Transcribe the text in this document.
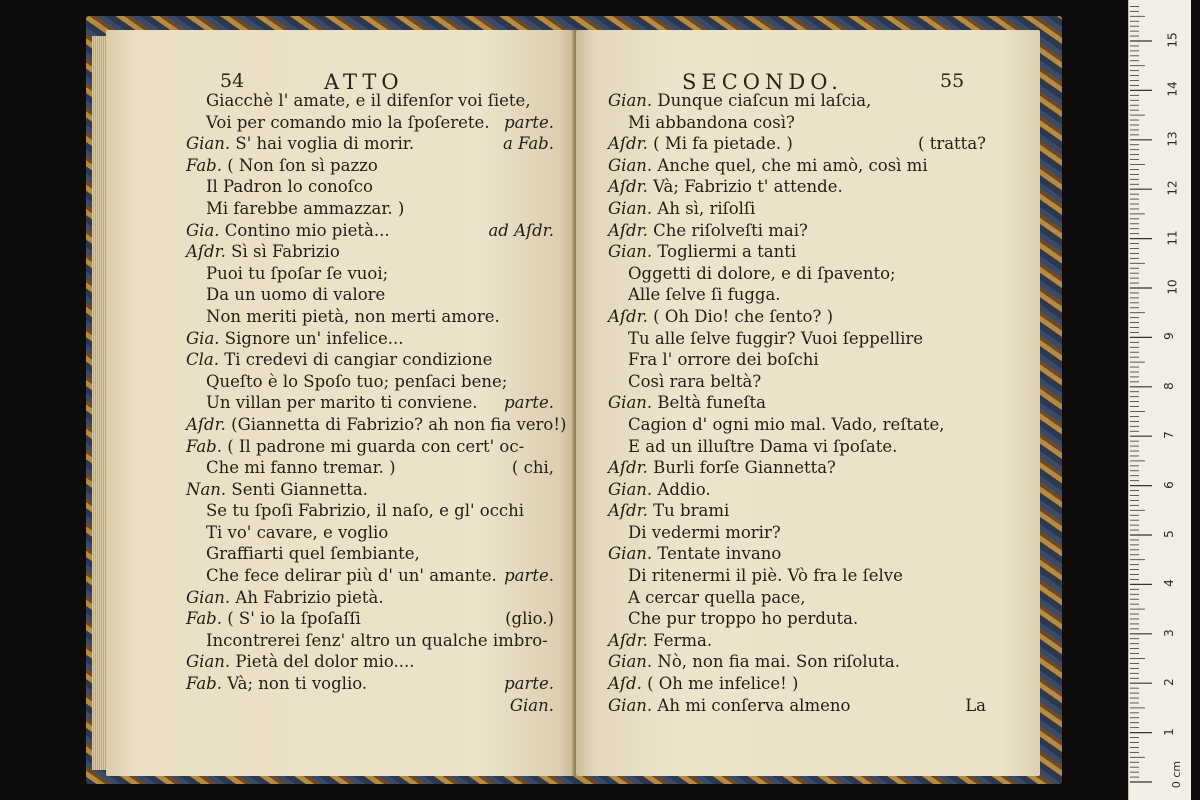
54	ATTO
Giacchè l' amate, e il difenſor voi ſiete,
Voi per comando mio la ſpoſerete. parte.
Gian. S' hai voglia di morir.	a Fab.
Fab. ( Non ſon sì pazzo
Il Padron lo conoſco
Mi farebbe ammazzar. )
Gia. Contino mio pietà...	ad Aſdr.
Aſdr. Sì sì Fabrizio
Puoi tu ſpoſar ſe vuoi;
Da un uomo di valore
Non meriti pietà, non merti amore.
Gia. Signore un' infelice...
Cla. Ti credevi di cangiar condizione
Queſto è lo Spoſo tuo; penſaci bene;
Un villan per marito ti conviene. parte.
Aſdr. (Giannetta di Fabrizio? ah non fia vero!)
Fab. ( Il padrone mi guarda con cert' oc-
Che mi fanno tremar. )	( chi,
Nan. Senti Giannetta.
Se tu ſpoſi Fabrizio, il naſo, e gl' occhi
Ti vo' cavare, e voglio
Graffiarti quel ſembiante,
Che fece delirar più d' un' amante. parte.
Gian. Ah Fabrizio pietà.
Fab. ( S' io la ſpoſaſſi	(glio.)
Incontrerei ſenz' altro un qualche imbro-
Gian. Pietà del dolor mio....
Fab. Và; non ti voglio.	parte.
Gian.
SECONDO.	55
Gian. Dunque ciaſcun mi laſcia,
Mi abbandona così?
Aſdr. ( Mi fa pietade. )	( tratta?
Gian. Anche quel, che mi amò, così mi
Aſdr. Và; Fabrizio t' attende.
Gian. Ah sì, riſolſi
Aſdr. Che riſolveſti mai?
Gian. Togliermi a tanti
Oggetti di dolore, e di ſpavento;
Alle ſelve ſi fugga.
Aſdr. ( Oh Dio! che ſento? )
Tu alle ſelve fuggir? Vuoi ſeppellire
Fra l' orrore dei boſchi
Così rara beltà?
Gian. Beltà funeſta
Cagion d' ogni mio mal. Vado, reſtate,
E ad un illuſtre Dama vi ſpoſate.
Aſdr. Burli forſe Giannetta?
Gian. Addio.
Aſdr. Tu brami
Di vedermi morir?
Gian. Tentate invano
Di ritenermi il piè. Vò fra le ſelve
A cercar quella pace,
Che pur troppo ho perduta.
Aſdr. Ferma.
Gian. Nò, non fia mai. Son riſoluta.
Aſd. ( Oh me infelice! )
Gian. Ah mi conſerva almeno	La
0 cm
1
2
3
4
5
6
7
8
9
10
11
12
13
14
15
